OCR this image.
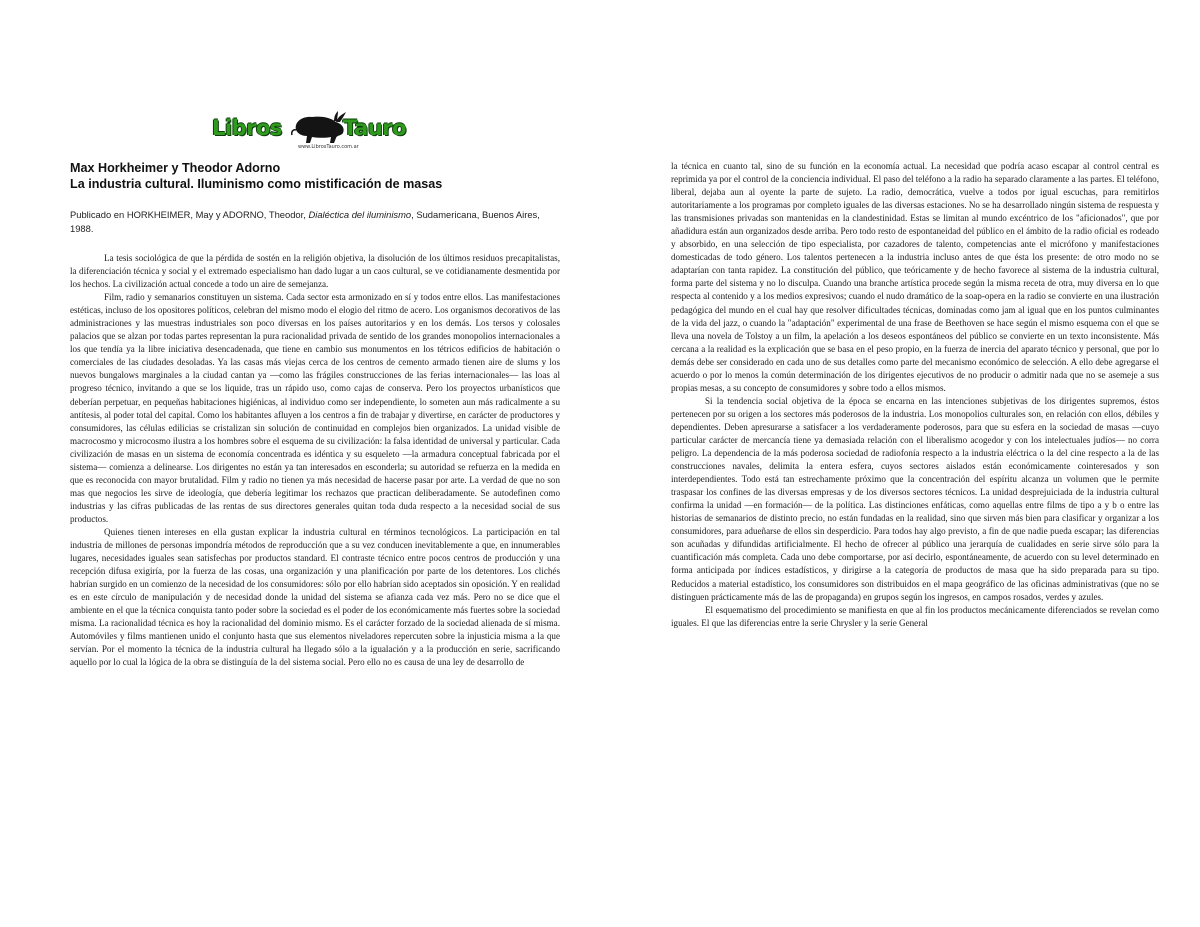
Libros	Tauro
www.LibrosTauro.com.ar
Max Horkheimer y Theodor Adorno
La industria cultural. Iluminismo como mistificación de masas
Publicado en HORKHEIMER, May y ADORNO, Theodor, Dialéctica del iluminismo, Sudamericana, Buenos Aires, 1988.

La tesis sociológica de que la pérdida de sostén en la religión objetiva, la disolución de los últimos residuos precapitalistas, la diferenciación técnica y social y el extremado especialismo han dado lugar a un caos cultural, se ve cotidianamente desmentida por los hechos. La civilización actual concede a todo un aire de semejanza.

Film, radio y semanarios constituyen un sistema. Cada sector esta armonizado en sí y todos entre ellos. Las manifestaciones estéticas, incluso de los opositores políticos, celebran del mismo modo el elogio del ritmo de acero. Los organismos decorativos de las administraciones y las muestras industriales son poco diversas en los países autoritarios y en los demás. Los tersos y colosales palacios que se alzan por todas partes representan la pura racionalidad privada de sentido de los grandes monopolios internacionales a los que tendía ya la libre iniciativa desencadenada, que tiene en cambio sus monumentos en los tétricos edificios de habitación o comerciales de las ciudades desoladas. Ya las casas más viejas cerca de los centros de cemento armado tienen aire de slums y los nuevos bungalows marginales a la ciudad cantan ya —como las frágiles construcciones de las ferias internacionales— las loas al progreso técnico, invitando a que se los liquide, tras un rápido uso, como cajas de conserva. Pero los proyectos urbanísticos que deberían perpetuar, en pequeñas habitaciones higiénicas, al individuo como ser independiente, lo someten aun más radicalmente a su antítesis, al poder total del capital. Como los habitantes afluyen a los centros a fin de trabajar y divertirse, en carácter de productores y consumidores, las células edilicias se cristalizan sin solución de continuidad en complejos bien organizados. La unidad visible de macrocosmo y microcosmo ilustra a los hombres sobre el esquema de su civilización: la falsa identidad de universal y particular. Cada civilización de masas en un sistema de economía concentrada es idéntica y su esqueleto —la armadura conceptual fabricada por el sistema— comienza a delinearse. Los dirigentes no están ya tan interesados en esconderla; su autoridad se refuerza en la medida en que es reconocida con mayor brutalidad. Film y radio no tienen ya más necesidad de hacerse pasar por arte. La verdad de que no son mas que negocios les sirve de ideología, que debería legitimar los rechazos que practican deliberadamente. Se autodefinen como industrias y las cifras publicadas de las rentas de sus directores generales quitan toda duda respecto a la necesidad social de sus productos.

Quienes tienen intereses en ella gustan explicar la industria cultural en términos tecnológicos. La participación en tal industria de millones de personas impondría métodos de reproducción que a su vez conducen inevitablemente a que, en innumerables lugares, necesidades iguales sean satisfechas por productos standard. El contraste técnico entre pocos centros de producción y una recepción difusa exigiría, por la fuerza de las cosas, una organización y una planificación por parte de los detentores. Los clichés habrían surgido en un comienzo de la necesidad de los consumidores: sólo por ello habrían sido aceptados sin oposición. Y en realidad es en este círculo de manipulación y de necesidad donde la unidad del sistema se afianza cada vez más. Pero no se dice que el ambiente en el que la técnica conquista tanto poder sobre la sociedad es el poder de los económicamente más fuertes sobre la sociedad misma. La racionalidad técnica es hoy la racionalidad del dominio mismo. Es el carácter forzado de la sociedad alienada de sí misma. Automóviles y films mantienen unido el conjunto hasta que sus elementos niveladores repercuten sobre la injusticia misma a la que servían. Por el momento la técnica de la industria cultural ha llegado sólo a la igualación y a la producción en serie, sacrificando aquello por lo cual la lógica de la obra se distinguía de la del sistema social. Pero ello no es causa de una ley de desarrollo de

la técnica en cuanto tal, sino de su función en la economía actual. La necesidad que podría acaso escapar al control central es reprimida ya por el control de la conciencia individual. El paso del teléfono a la radio ha separado claramente a las partes. El teléfono, liberal, dejaba aun al oyente la parte de sujeto. La radio, democrática, vuelve a todos por igual escuchas, para remitirlos autoritariamente a los programas por completo iguales de las diversas estaciones. No se ha desarrollado ningún sistema de respuesta y las transmisiones privadas son mantenidas en la clandestinidad. Estas se limitan al mundo excéntrico de los "aficionados", que por añadidura están aun organizados desde arriba. Pero todo resto de espontaneidad del público en el ámbito de la radio oficial es rodeado y absorbido, en una selección de tipo especialista, por cazadores de talento, competencias ante el micrófono y manifestaciones domesticadas de todo género. Los talentos pertenecen a la industria incluso antes de que ésta los presente: de otro modo no se adaptarían con tanta rapidez. La constitución del público, que teóricamente y de hecho favorece al sistema de la industria cultural, forma parte del sistema y no lo disculpa. Cuando una branche artística procede según la misma receta de otra, muy diversa en lo que respecta al contenido y a los medios expresivos; cuando el nudo dramático de la soap-opera en la radio se convierte en una ilustración pedagógica del mundo en el cual hay que resolver dificultades técnicas, dominadas como jam al igual que en los puntos culminantes de la vida del jazz, o cuando la "adaptación" experimental de una frase de Beethoven se hace según el mismo esquema con el que se lleva una novela de Tolstoy a un film, la apelación a los deseos espontáneos del público se convierte en un texto inconsistente. Más cercana a la realidad es la explicación que se basa en el peso propio, en la fuerza de inercia del aparato técnico y personal, que por lo demás debe ser considerado en cada uno de sus detalles como parte del mecanismo económico de selección. A ello debe agregarse el acuerdo o por lo menos la común determinación de los dirigentes ejecutivos de no producir o admitir nada que no se asemeje a sus propias mesas, a su concepto de consumidores y sobre todo a ellos mismos.

Si la tendencia social objetiva de la época se encarna en las intenciones subjetivas de los dirigentes supremos, éstos pertenecen por su origen a los sectores más poderosos de la industria. Los monopolios culturales son, en relación con ellos, débiles y dependientes. Deben apresurarse a satisfacer a los verdaderamente poderosos, para que su esfera en la sociedad de masas —cuyo particular carácter de mercancía tiene ya demasiada relación con el liberalismo acogedor y con los intelectuales judíos— no corra peligro. La dependencia de la más poderosa sociedad de radiofonía respecto a la industria eléctrica o la del cine respecto a la de las construcciones navales, delimita la entera esfera, cuyos sectores aislados están económicamente cointeresados y son interdependientes. Todo está tan estrechamente próximo que la concentración del espíritu alcanza un volumen que le permite traspasar los confines de las diversas empresas y de los diversos sectores técnicos. La unidad desprejuiciada de la industria cultural confirma la unidad —en formación— de la política. Las distinciones enfáticas, como aquellas entre films de tipo a y b o entre las historias de semanarios de distinto precio, no están fundadas en la realidad, sino que sirven más bien para clasificar y organizar a los consumidores, para adueñarse de ellos sin desperdicio. Para todos hay algo previsto, a fin de que nadie pueda escapar; las diferencias son acuñadas y difundidas artificialmente. El hecho de ofrecer al público una jerarquía de cualidades en serie sirve sólo para la cuantificación más completa. Cada uno debe comportarse, por así decirlo, espontáneamente, de acuerdo con su level determinado en forma anticipada por índices estadísticos, y dirigirse a la categoría de productos de masa que ha sido preparada para su tipo. Reducidos a material estadístico, los consumidores son distribuidos en el mapa geográfico de las oficinas administrativas (que no se distinguen prácticamente más de las de propaganda) en grupos según los ingresos, en campos rosados, verdes y azules.

El esquematismo del procedimiento se manifiesta en que al fin los productos mecánicamente diferenciados se revelan como iguales. El que las diferencias entre la serie Chrysler y la serie General
